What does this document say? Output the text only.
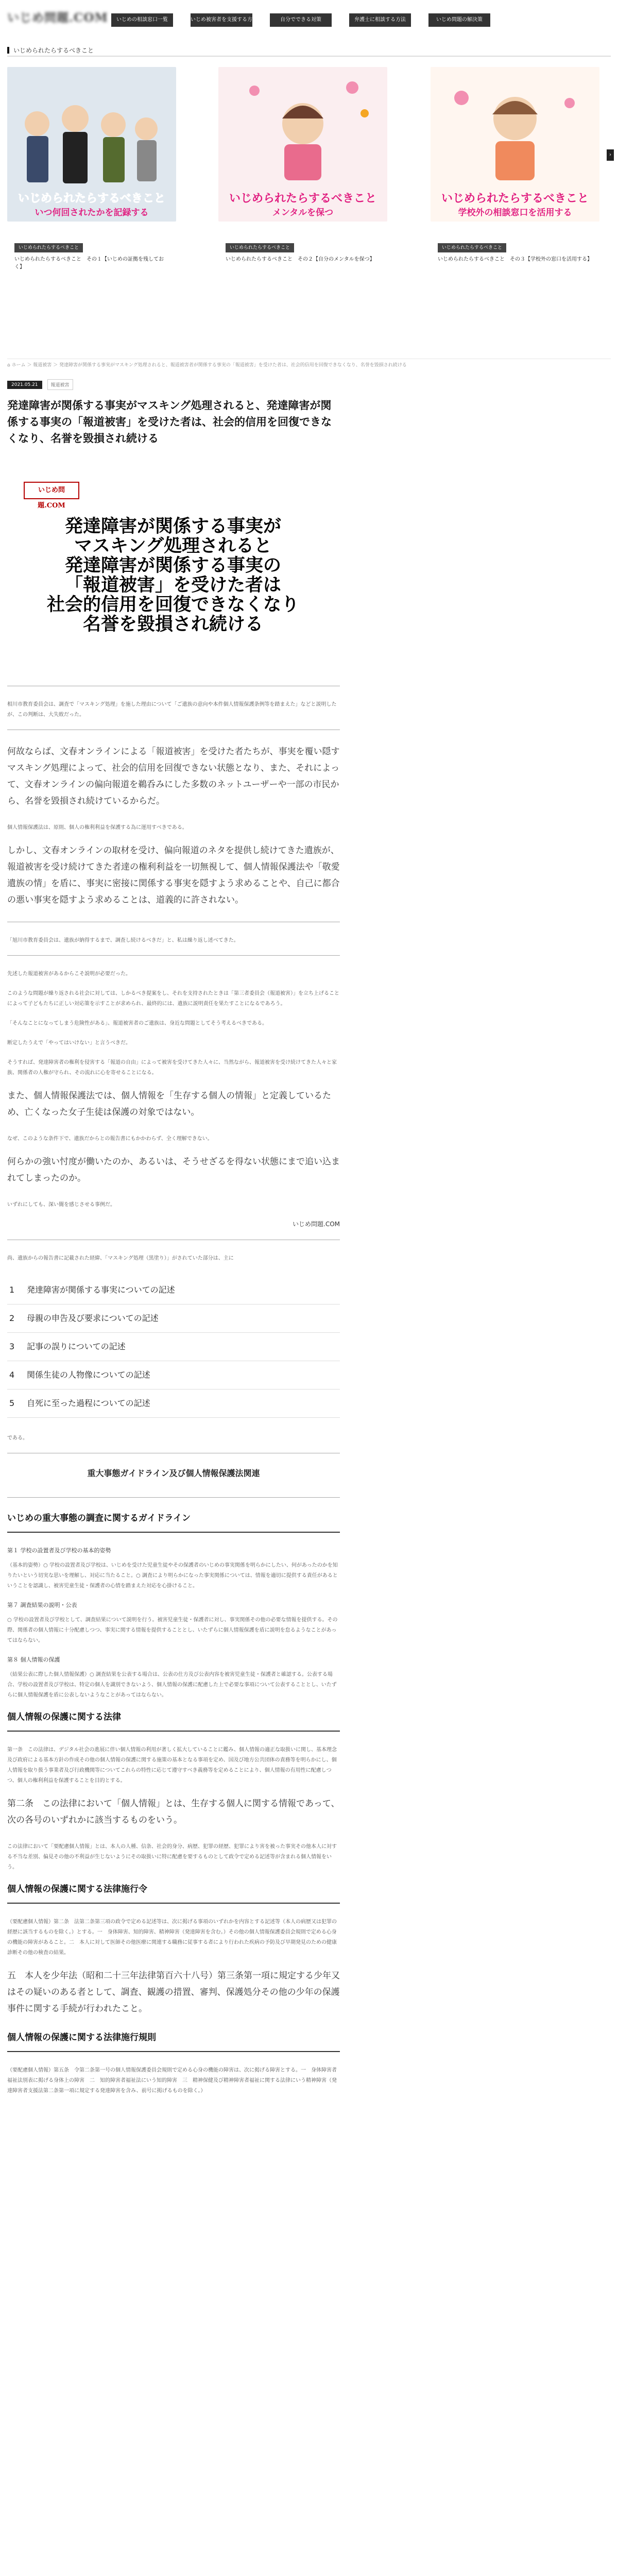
いじめ問題.COM	いじめの相談窓口一覧	いじめ被害者を支援する方法
自分でできる対策	弁護士に相談する方法	いじめ問題の解決策
いじめられたらするべきこと
いじめられたらするべきこと
いつ何回されたかを記録する
いじめられたらするべきこと
いじめられたらするべきこと　その１【いじめの証拠を残しておく】
いじめられたらするべきこと
メンタルを保つ
いじめられたらするべきこと
いじめられたらするべきこと　その２【自分のメンタルを保つ】
いじめられたらするべきこと
学校外の相談窓口を活用する
いじめられたらするべきこと
いじめられたらするべきこと　その３【学校外の窓口を活用する】
›
⌂ ホーム ＞ 報道被害 ＞ 発達障害が関係する事実がマスキング処理されると、報道被害者が関係する事実の「報道被害」を受けた者は、社会的信用を回復できなくなり、名誉を毀損され続ける
2021.05.21	報道被害
発達障害が関係する事実がマスキング処理されると、発達障害が関係する事実の「報道被害」を受けた者は、社会的信用を回復できなくなり、名誉を毀損され続ける
いじめ問題.COM
発達障害が関係する事実が
マスキング処理されると
発達障害が関係する事実の
「報道被害」を受けた者は
社会的信用を回復できなくなり
名誉を毀損され続ける

相川市教育委員会は、調査で「マスキング処理」を施した理由について「ご遺族の意向や本件個人情報保護条例等を踏まえた」などと説明したが、この判断は、大失敗だった。

何故ならば、文春オンラインによる「報道被害」を受けた者たちが、事実を覆い隠すマスキング処理によって、社会的信用を回復できない状態となり、また、それによって、文春オンラインの偏向報道を鵜呑みにした多数のネットユーザーや一部の市民から、名誉を毀損され続けているからだ。

個人情報保護法は、原則、個人の権利利益を保護する為に運用すべきである。

しかし、文春オンラインの取材を受け、偏向報道のネタを提供し続けてきた遺族が、報道被害を受け続けてきた者達の権利利益を一切無視して、個人情報保護法や「敬愛遺族の情」を盾に、事実に密接に関係する事実を隠すよう求めることや、自己に都合の悪い事実を隠すよう求めることは、道義的に許されない。

「旭川市教育委員会は、遺族が納得するまで、調査し続けるべきだ」と、私は繰り返し述べてきた。

先述した報道被害があるからこそ説明が必要だった。

このような問題が繰り返される社会に対しては、しかるべき提案をし、それを支持されたときは「第三者委員会（報道被害）」を立ち上げることによって子どもたちに正しい対応策を示すことが求められ、最終的には、遺族に説明責任を果たすことになるであろう。

「そんなことになってしまう危険性がある」、報道被害者のご遺族は、身近な問題としてそう考えるべきである。

断定したうえで「やってはいけない」と言うべきだ。

そうすれば、発達障害者の権利を侵害する「報道の自由」によって被害を受けてきた人々に、当然ながら、報道被害を受け続けてきた人々と家族、関係者の人権が守られ、その流れに心を寄せることになる。

また、個人情報保護法では、個人情報を「生存する個人の情報」と定義しているため、亡くなった女子生徒は保護の対象ではない。

なぜ、このような条件下で、遺族だからとの報告書にもかかわらず、全く理解できない。

何らかの強い忖度が働いたのか、あるいは、そうせざるを得ない状態にまで追い込まれてしまったのか。

いずれにしても、深い闇を感じさせる事例だ。

いじめ問題.COM

尚、遺族からの報告書に記載された経緯、「マスキング処理（黒塗り）」がされていた部分は、主に

1 発達障害が関係する事実についての記述
2 母親の申告及び要求についての記述
3 記事の誤りについての記述
4 関係生徒の人物像についての記述
5 自死に至った過程についての記述

である。

重大事態ガイドライン及び個人情報保護法関連
いじめの重大事態の調査に関するガイドライン
第１ 学校の設置者及び学校の基本的姿勢

（基本的姿勢）○ 学校の設置者及び学校は、いじめを受けた児童生徒やその保護者のいじめの事実関係を明らかにしたい、何があったのかを知りたいという切実な思いを理解し、対応に当たること。○ 調査により明らかになった事実関係については、情報を適切に提供する責任があるということを認識し、被害児童生徒・保護者の心情を踏まえた対応を心掛けること。

第７ 調査結果の説明・公表

○ 学校の設置者及び学校として、調査結果について説明を行う。被害児童生徒・保護者に対し、事実関係その他の必要な情報を提供する。その際、関係者の個人情報に十分配慮しつつ、事実に関する情報を提供することとし、いたずらに個人情報保護を盾に説明を怠るようなことがあってはならない。

第８ 個人情報の保護

（結果公表に際した個人情報保護）○ 調査結果を公表する場合は、公表の仕方及び公表内容を被害児童生徒・保護者と確認する。公表する場合、学校の設置者及び学校は、特定の個人を識別できないよう、個人情報の保護に配慮した上で必要な事項について公表することとし、いたずらに個人情報保護を盾に公表しないようなことがあってはならない。

個人情報の保護に関する法律

第一条　この法律は、デジタル社会の進展に伴い個人情報の利用が著しく拡大していることに鑑み、個人情報の適正な取扱いに関し、基本理念及び政府による基本方針の作成その他の個人情報の保護に関する施策の基本となる事項を定め、国及び地方公共団体の責務等を明らかにし、個人情報を取り扱う事業者及び行政機関等についてこれらの特性に応じて遵守すべき義務等を定めることにより、個人情報の有用性に配慮しつつ、個人の権利利益を保護することを目的とする。

第二条　この法律において「個人情報」とは、生存する個人に関する情報であって、次の各号のいずれかに該当するものをいう。

この法律において「要配慮個人情報」とは、本人の人種、信条、社会的身分、病歴、犯罪の経歴、犯罪により害を被った事実その他本人に対する不当な差別、偏見その他の不利益が生じないようにその取扱いに特に配慮を要するものとして政令で定める記述等が含まれる個人情報をいう。

個人情報の保護に関する法律施行令

（要配慮個人情報）第二条　法第二条第三項の政令で定める記述等は、次に掲げる事項のいずれかを内容とする記述等（本人の病歴又は犯罪の経歴に該当するものを除く。）とする。一　身体障害、知的障害、精神障害（発達障害を含む。）その他の個人情報保護委員会規則で定める心身の機能の障害があること。二　本人に対して医師その他医療に関連する職務に従事する者により行われた疾病の予防及び早期発見のための健康診断その他の検査の結果。

五　本人を少年法（昭和二十三年法律第百六十八号）第三条第一項に規定する少年又はその疑いのある者として、調査、観護の措置、審判、保護処分その他の少年の保護事件に関する手続が行われたこと。

個人情報の保護に関する法律施行規則

（要配慮個人情報）第五条　令第二条第一号の個人情報保護委員会規則で定める心身の機能の障害は、次に掲げる障害とする。一　身体障害者福祉法別表に掲げる身体上の障害　二　知的障害者福祉法にいう知的障害　三　精神保健及び精神障害者福祉に関する法律にいう精神障害（発達障害者支援法第二条第一項に規定する発達障害を含み、前号に掲げるものを除く。）
